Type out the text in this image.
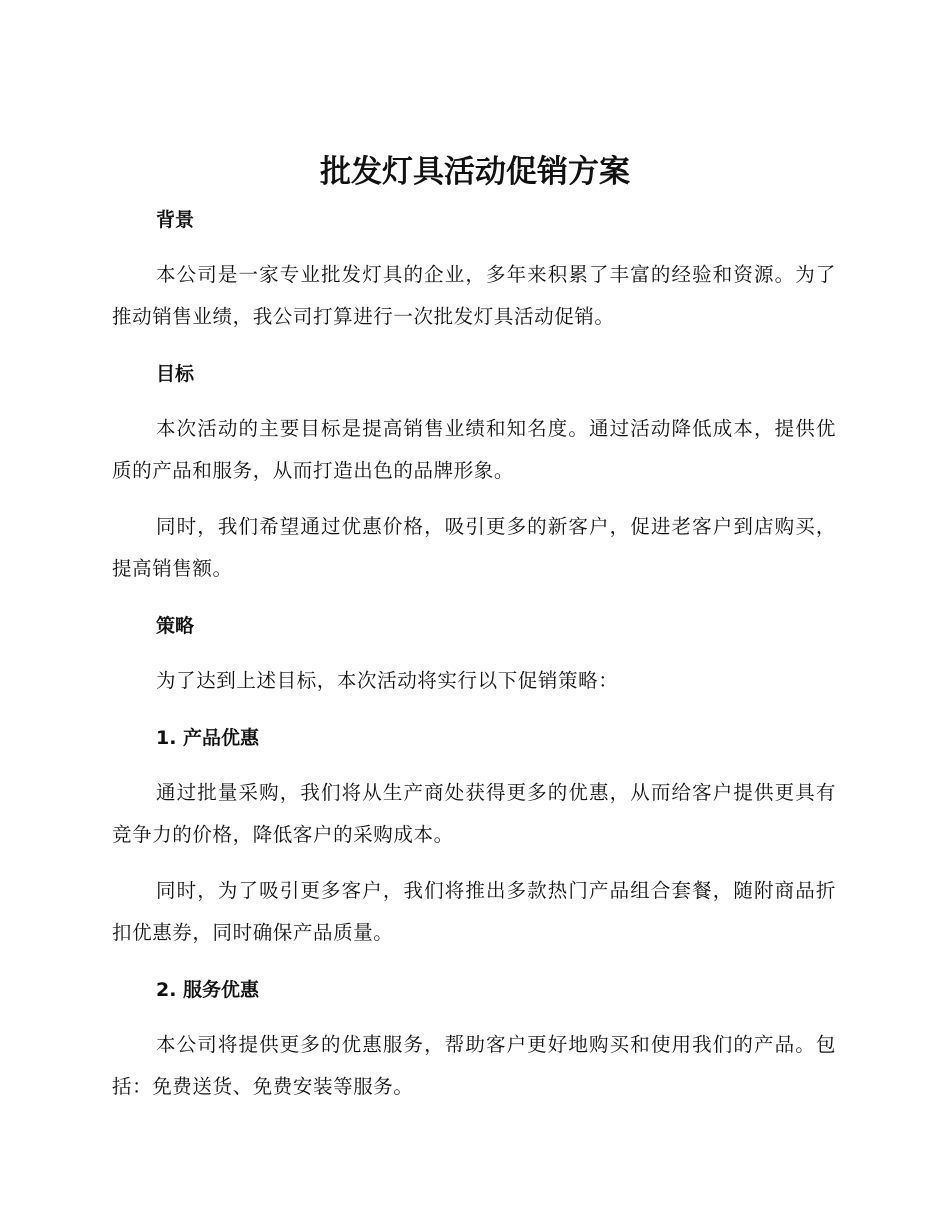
批发灯具活动促销方案
背景

本公司是一家专业批发灯具的企业，多年来积累了丰富的经验和资源。为了推动销售业绩，我公司打算进行一次批发灯具活动促销。

目标

本次活动的主要目标是提高销售业绩和知名度。通过活动降低成本，提供优质的产品和服务，从而打造出色的品牌形象。

同时，我们希望通过优惠价格，吸引更多的新客户，促进老客户到店购买，提高销售额。

策略

为了达到上述目标，本次活动将实行以下促销策略：

1. 产品优惠

通过批量采购，我们将从生产商处获得更多的优惠，从而给客户提供更具有竞争力的价格，降低客户的采购成本。

同时，为了吸引更多客户，我们将推出多款热门产品组合套餐，随附商品折扣优惠券，同时确保产品质量。

2. 服务优惠

本公司将提供更多的优惠服务，帮助客户更好地购买和使用我们的产品。包括：免费送货、免费安装等服务。
